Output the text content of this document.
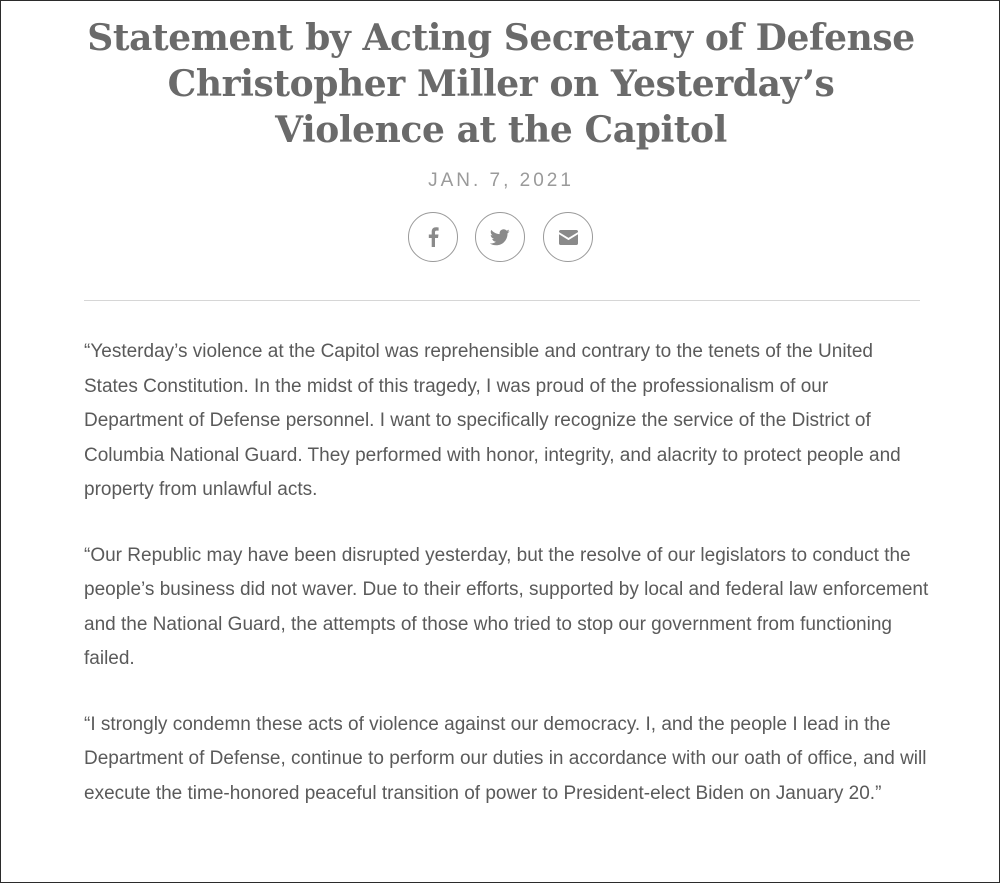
Statement by Acting Secretary of Defense Christopher Miller on Yesterday’s Violence at the Capitol
JAN. 7, 2021

“Yesterday’s violence at the Capitol was reprehensible and contrary to the tenets of the United States Constitution. In the midst of this tragedy, I was proud of the professionalism of our Department of Defense personnel. I want to specifically recognize the service of the District of Columbia National Guard. They performed with honor, integrity, and alacrity to protect people and property from unlawful acts.

“Our Republic may have been disrupted yesterday, but the resolve of our legislators to conduct the people’s business did not waver. Due to their efforts, supported by local and federal law enforcement and the National Guard, the attempts of those who tried to stop our government from functioning failed.

“I strongly condemn these acts of violence against our democracy. I, and the people I lead in the Department of Defense, continue to perform our duties in accordance with our oath of office, and will execute the time-honored peaceful transition of power to President-elect Biden on January 20.”
